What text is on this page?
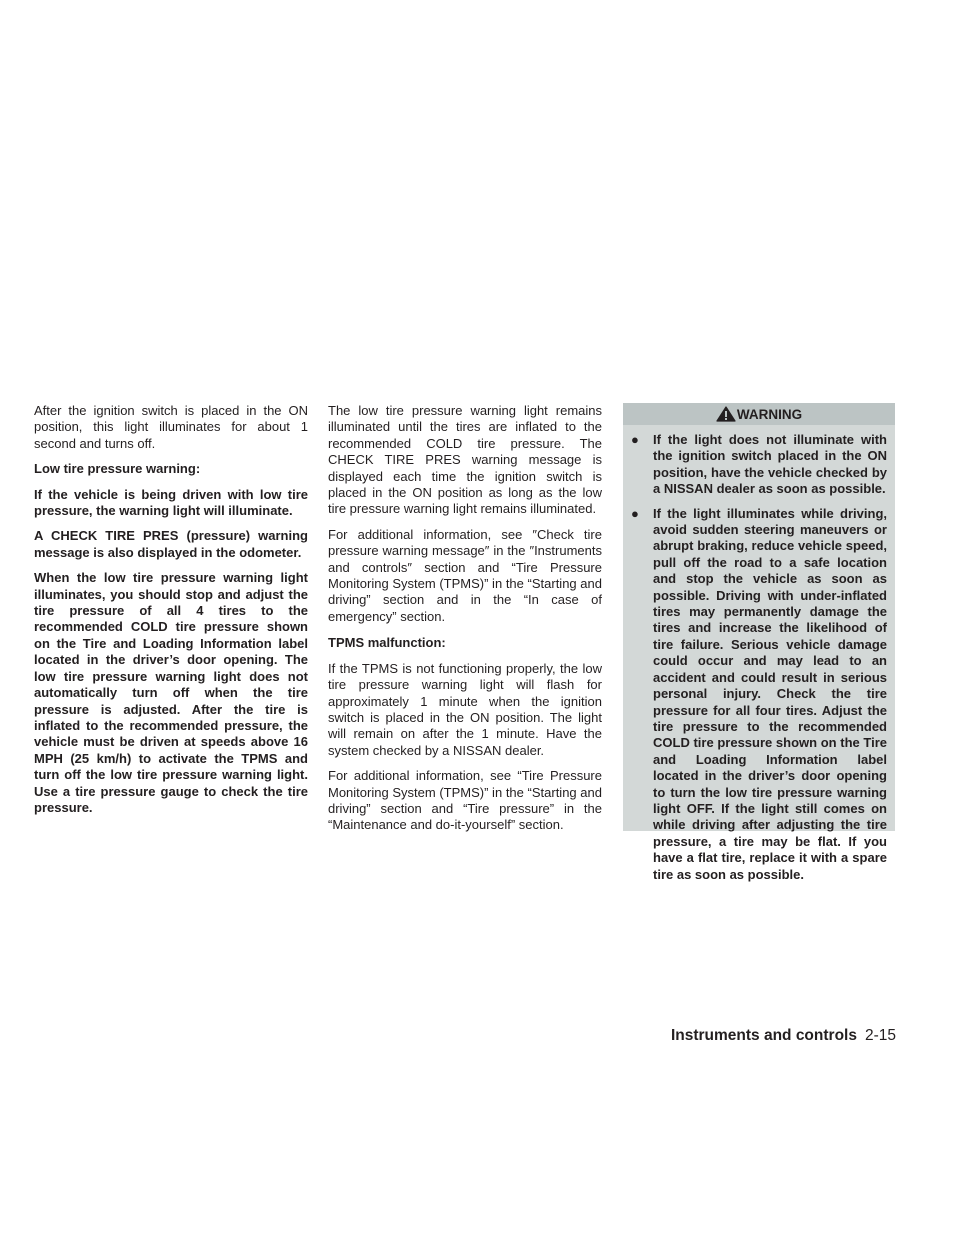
After the ignition switch is placed in the ON position, this light illuminates for about 1 second and turns off.

Low tire pressure warning:

If the vehicle is being driven with low tire pressure, the warning light will illuminate.

A CHECK TIRE PRES (pressure) warning message is also displayed in the odometer.

When the low tire pressure warning light illuminates, you should stop and adjust the tire pressure of all 4 tires to the recommended COLD tire pressure shown on the Tire and Loading Information label located in the driver’s door opening. The low tire pressure warning light does not automatically turn off when the tire pressure is adjusted. After the tire is inflated to the recommended pressure, the vehicle must be driven at speeds above 16 MPH (25 km/h) to activate the TPMS and turn off the low tire pressure warning light. Use a tire pressure gauge to check the tire pressure.

The low tire pressure warning light remains illuminated until the tires are inflated to the recommended COLD tire pressure. The CHECK TIRE PRES warning message is displayed each time the ignition switch is placed in the ON position as long as the low tire pressure warning light remains illuminated.

For additional information, see ″Check tire pressure warning message″ in the ″Instruments and controls″ section and “Tire Pressure Monitoring System (TPMS)” in the “Starting and driving” section and in the “In case of emergency” section.

TPMS malfunction:

If the TPMS is not functioning properly, the low tire pressure warning light will flash for approximately 1 minute when the ignition switch is placed in the ON position. The light will remain on after the 1 minute. Have the system checked by a NISSAN dealer.

For additional information, see “Tire Pressure Monitoring System (TPMS)” in the “Starting and driving” section and “Tire pressure” in the “Maintenance and do-it-yourself” section.

WARNING
● If the light does not illuminate with the ignition switch placed in the ON position, have the vehicle checked by a NISSAN dealer as soon as possible.
● If the light illuminates while driving, avoid sudden steering maneuvers or abrupt braking, reduce vehicle speed, pull off the road to a safe location and stop the vehicle as soon as possible. Driving with under-inflated tires may permanently damage the tires and increase the likelihood of tire failure. Serious vehicle damage could occur and may lead to an accident and could result in serious personal injury. Check the tire pressure for all four tires. Adjust the tire pressure to the recommended COLD tire pressure shown on the Tire and Loading Information label located in the driver’s door opening to turn the low tire pressure warning light OFF. If the light still comes on while driving after adjusting the tire pressure, a tire may be flat. If you have a flat tire, replace it with a spare tire as soon as possible.
Instruments and controls 2-15
